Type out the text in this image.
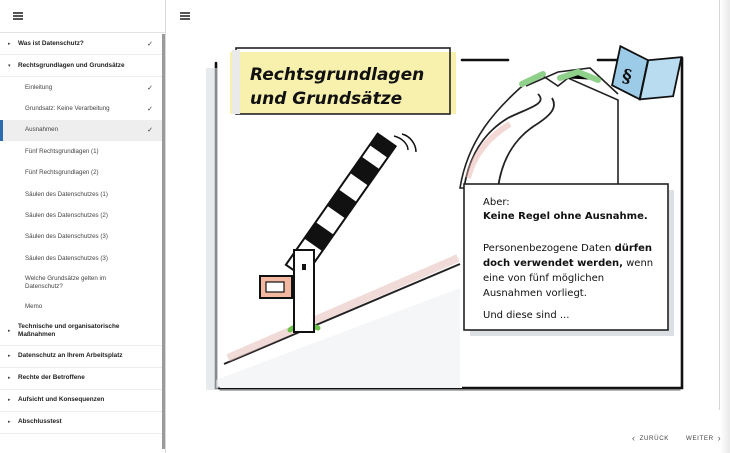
▸ Was ist Datenschutz?	✓
▾ Rechtsgrundlagen und Grundsätze
Einleitung	✓
Grundsatz: Keine Verarbeitung	✓
Ausnahmen	✓
Fünf Rechtsgrundlagen (1)
Fünf Rechtsgrundlagen (2)
Säulen des Datenschutzes (1)
Säulen des Datenschutzes (2)
Säulen des Datenschutzes (3)
Säulen des Datenschutzes (3)
Welche Grundsätze gelten im Datenschutz?
Memo
▸
Technische und organisatorische Maßnahmen
▸ Datenschutz an Ihrem Arbeitsplatz
▸ Rechte der Betroffene
▸ Aufsicht und Konsequenzen
▸ Abschlusstest
Rechtsgrundlagen
und Grundsätze
§
Aber:
Keine Regel ohne Ausnahme.
Personenbezogene Daten dürfen
doch verwendet werden, wenn
eine von fünf möglichen
Ausnahmen vorliegt.
Und diese sind ...
‹ ZURÜCK	WEITER ›
